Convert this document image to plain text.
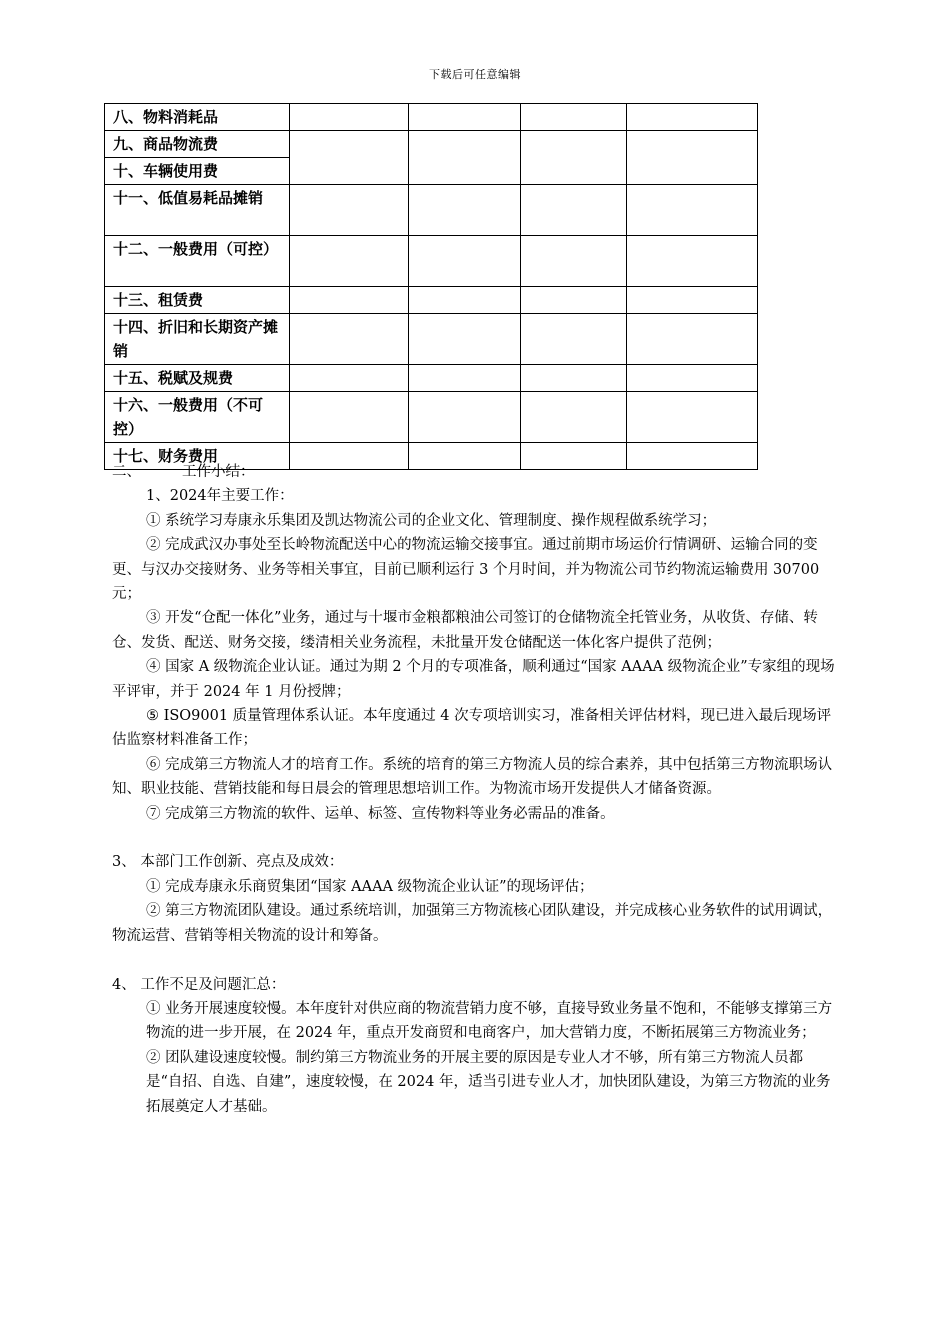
下载后可任意编辑
八、物料消耗品				
九、商品物流费				
十、车辆使用费				
十一、低值易耗品摊销				
十二、一般费用（可控）				
十三、租赁费				
十四、折旧和长期资产摊销				
十五、税赋及规费				
十六、一般费用（不可控）				
十七、财务费用				

二、	工作小结：

1、2024年主要工作：

① 系统学习寿康永乐集团及凯达物流公司的企业文化、管理制度、操作规程做系统学习；

② 完成武汉办事处至长岭物流配送中心的物流运输交接事宜。通过前期市场运价行情调研、运输合同的变更、与汉办交接财务、业务等相关事宜，目前已顺利运行 3 个月时间，并为物流公司节约物流运输费用 30700 元；

③ 开发“仓配一体化”业务，通过与十堰市金粮都粮油公司签订的仓储物流全托管业务，从收货、存储、转仓、发货、配送、财务交接，缕清相关业务流程，未批量开发仓储配送一体化客户提供了范例；

④ 国家 A 级物流企业认证。通过为期 2 个月的专项准备，顺利通过“国家 AAAA 级物流企业”专家组的现场平评审，并于 2024 年 1 月份授牌；

⑤ ISO9001 质量管理体系认证。本年度通过 4 次专项培训实习，准备相关评估材料，现已进入最后现场评估监察材料准备工作；

⑥ 完成第三方物流人才的培育工作。系统的培育的第三方物流人员的综合素养，其中包括第三方物流职场认知、职业技能、营销技能和每日晨会的管理思想培训工作。为物流市场开发提供人才储备资源。

⑦ 完成第三方物流的软件、运单、标签、宣传物料等业务必需品的准备。

3、 本部门工作创新、亮点及成效：

① 完成寿康永乐商贸集团“国家 AAAA 级物流企业认证”的现场评估；

② 第三方物流团队建设。通过系统培训，加强第三方物流核心团队建设，并完成核心业务软件的试用调试，物流运营、营销等相关物流的设计和筹备。

4、 工作不足及问题汇总：

① 业务开展速度较慢。本年度针对供应商的物流营销力度不够，直接导致业务量不饱和，不能够支撑第三方物流的进一步开展，在 2024 年，重点开发商贸和电商客户，加大营销力度，不断拓展第三方物流业务；

② 团队建设速度较慢。制约第三方物流业务的开展主要的原因是专业人才不够，所有第三方物流人员都是“自招、自选、自建”，速度较慢，在 2024 年，适当引进专业人才，加快团队建设，为第三方物流的业务拓展奠定人才基础。
